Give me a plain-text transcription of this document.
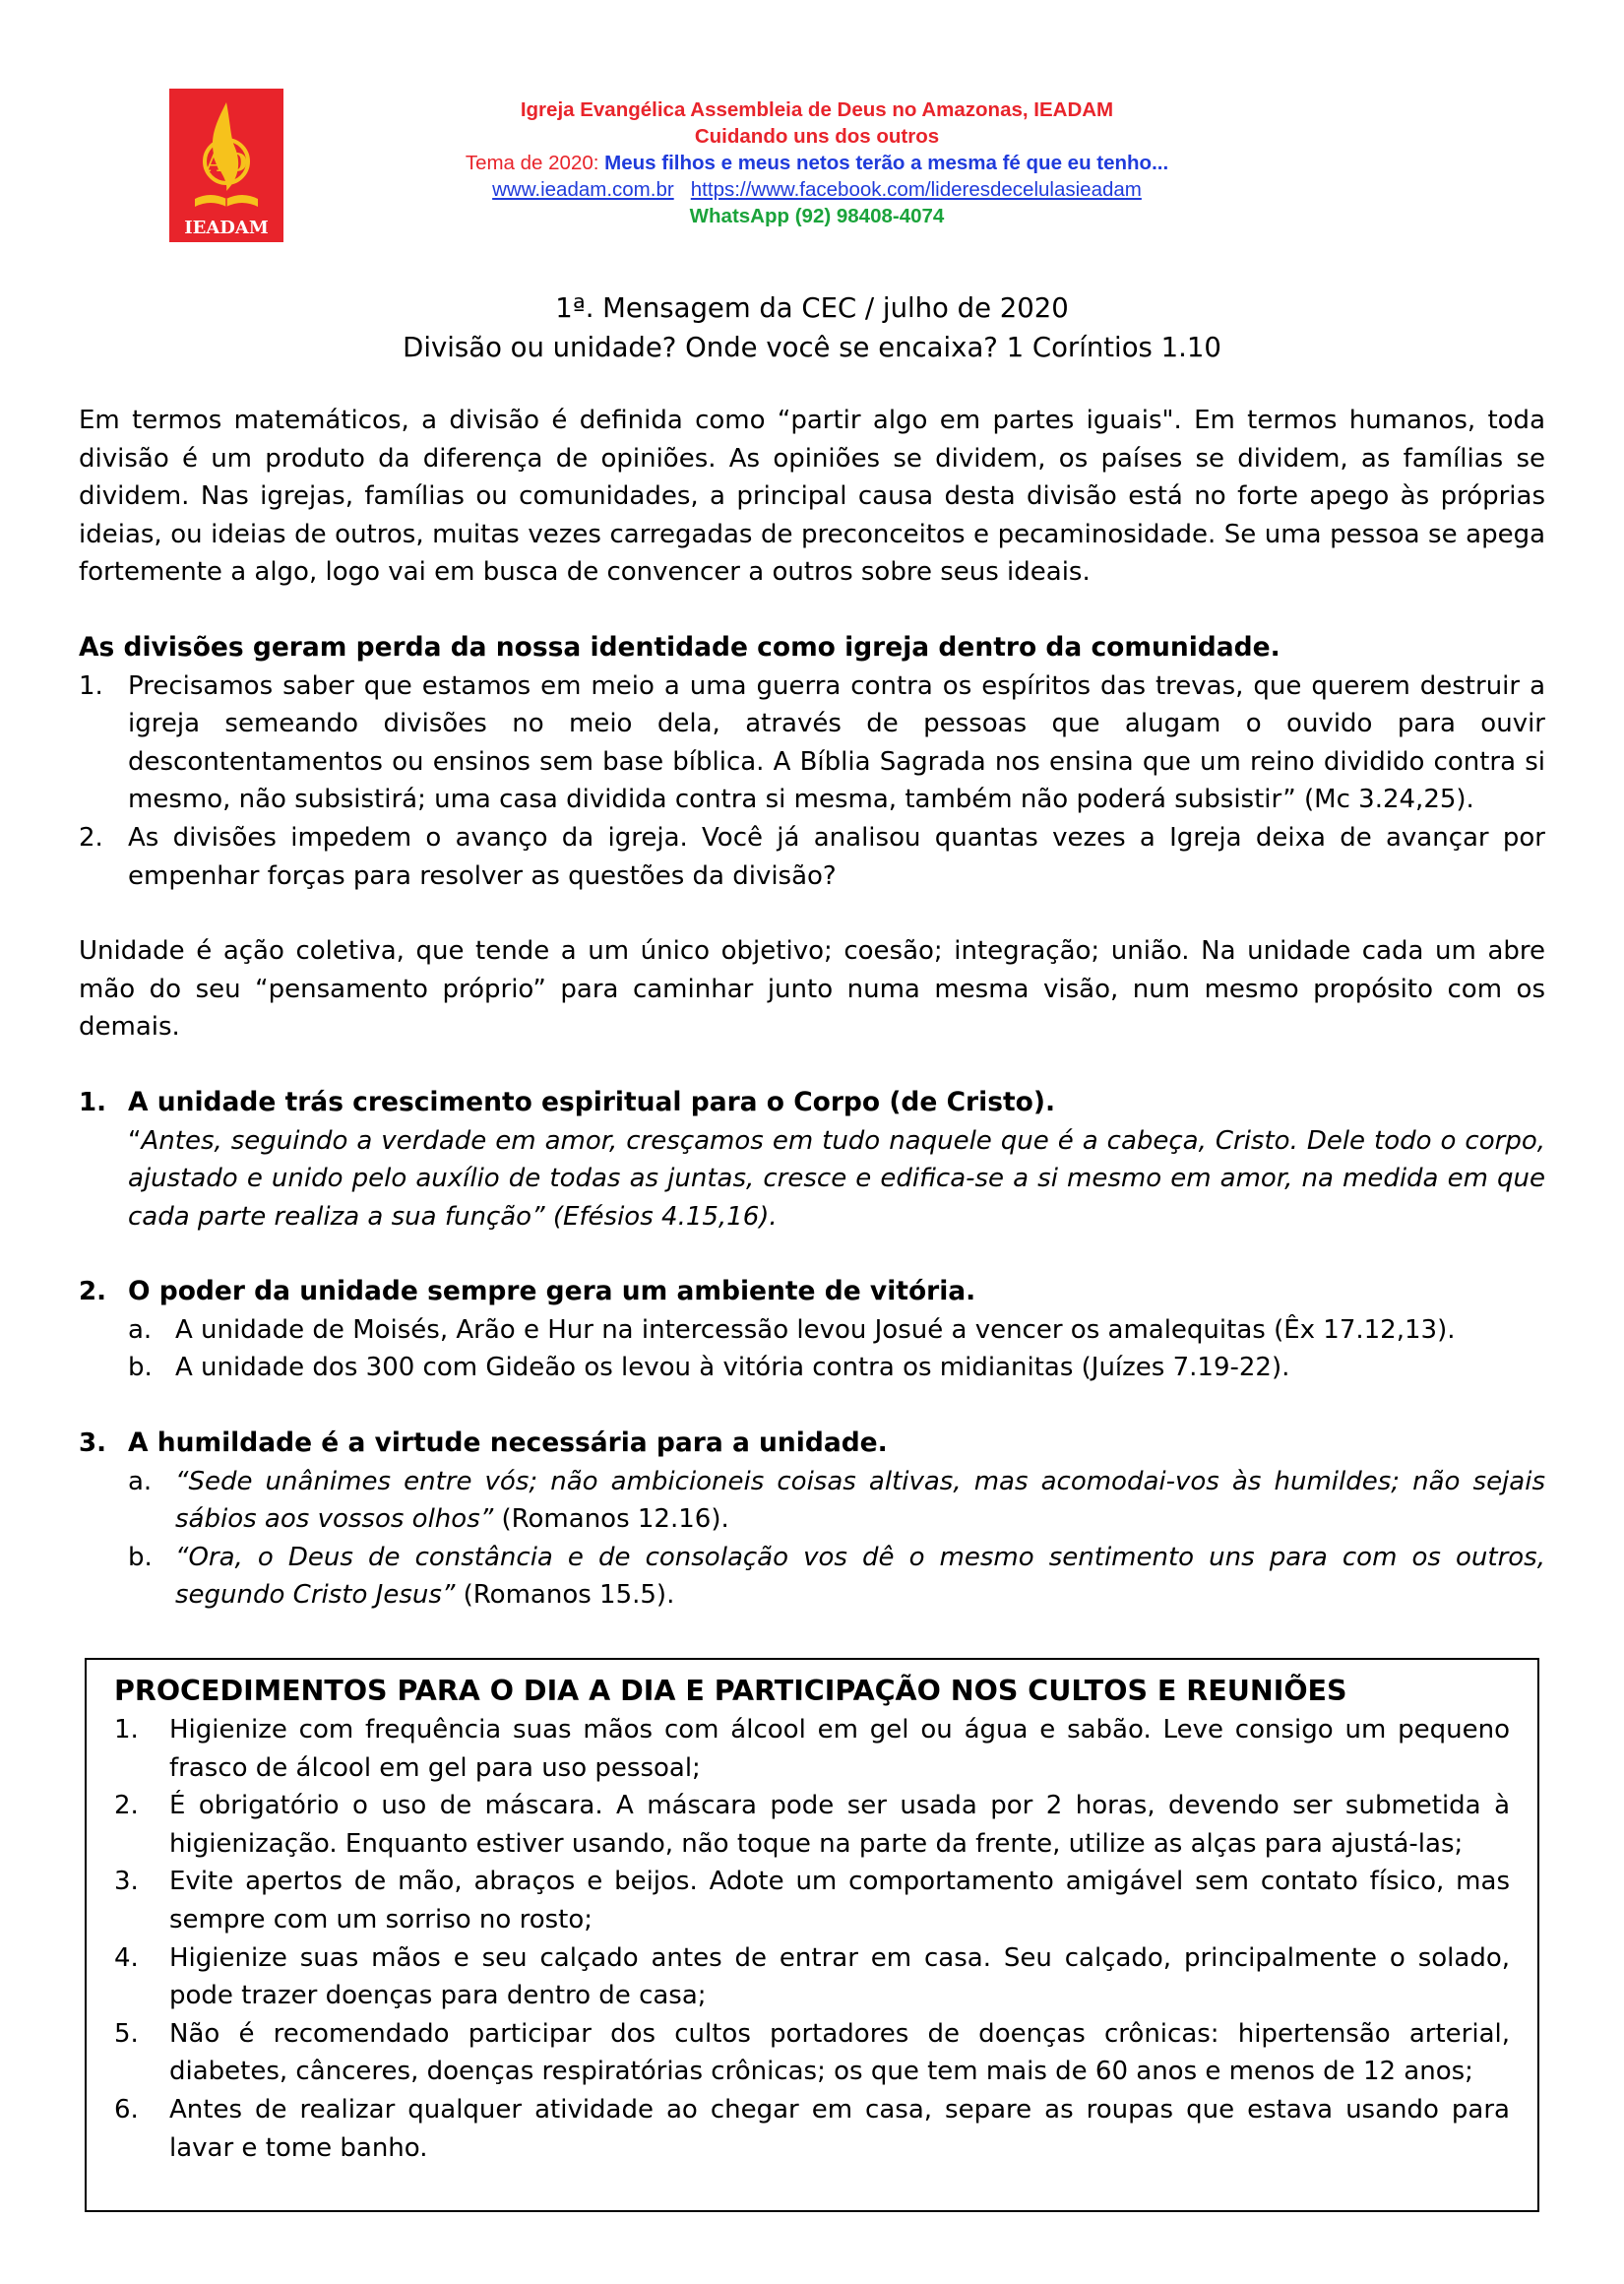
AD
IEADAM
Igreja Evangélica Assembleia de Deus no Amazonas, IEADAM
Cuidando uns dos outros
Tema de 2020: Meus filhos e meus netos terão a mesma fé que eu tenho...
www.ieadam.com.br https://www.facebook.com/lideresdecelulasieadam
WhatsApp (92) 98408-4074
1ª. Mensagem da CEC / julho de 2020
Divisão ou unidade? Onde você se encaixa? 1 Coríntios 1.10

Em termos matemáticos, a divisão é definida como “partir algo em partes iguais". Em termos humanos, toda divisão é um produto da diferença de opiniões. As opiniões se dividem, os países se dividem, as famílias se dividem. Nas igrejas, famílias ou comunidades, a principal causa desta divisão está no forte apego às próprias ideias, ou ideias de outros, muitas vezes carregadas de preconceitos e pecaminosidade. Se uma pessoa se apega fortemente a algo, logo vai em busca de convencer a outros sobre seus ideais.

As divisões geram perda da nossa identidade como igreja dentro da comunidade.

1. Precisamos saber que estamos em meio a uma guerra contra os espíritos das trevas, que querem destruir a igreja semeando divisões no meio dela, através de pessoas que alugam o ouvido para ouvir descontentamentos ou ensinos sem base bíblica. A Bíblia Sagrada nos ensina que um reino dividido contra si mesmo, não subsistirá; uma casa dividida contra si mesma, também não poderá subsistir” (Mc 3.24,25).
2. As divisões impedem o avanço da igreja. Você já analisou quantas vezes a Igreja deixa de avançar por empenhar forças para resolver as questões da divisão?

Unidade é ação coletiva, que tende a um único objetivo; coesão; integração; união. Na unidade cada um abre mão do seu “pensamento próprio” para caminhar junto numa mesma visão, num mesmo propósito com os demais.

1. A unidade trás crescimento espiritual para o Corpo (de Cristo).
“Antes, seguindo a verdade em amor, cresçamos em tudo naquele que é a cabeça, Cristo. Dele todo o corpo, ajustado e unido pelo auxílio de todas as juntas, cresce e edifica-se a si mesmo em amor, na medida em que cada parte realiza a sua função” (Efésios 4.15,16).
2. O poder da unidade sempre gera um ambiente de vitória.
a. A unidade de Moisés, Arão e Hur na intercessão levou Josué a vencer os amalequitas (Êx 17.12,13).
b. A unidade dos 300 com Gideão os levou à vitória contra os midianitas (Juízes 7.19-22).
3. A humildade é a virtude necessária para a unidade.
a. “Sede unânimes entre vós; não ambicioneis coisas altivas, mas acomodai-vos às humildes; não sejais sábios aos vossos olhos” (Romanos 12.16).
b. “Ora, o Deus de constância e de consolação vos dê o mesmo sentimento uns para com os outros, segundo Cristo Jesus” (Romanos 15.5).
PROCEDIMENTOS PARA O DIA A DIA E PARTICIPAÇÃO NOS CULTOS E REUNIÕES
1. Higienize com frequência suas mãos com álcool em gel ou água e sabão. Leve consigo um pequeno frasco de álcool em gel para uso pessoal;
2. É obrigatório o uso de máscara. A máscara pode ser usada por 2 horas, devendo ser submetida à higienização. Enquanto estiver usando, não toque na parte da frente, utilize as alças para ajustá-las;
3. Evite apertos de mão, abraços e beijos. Adote um comportamento amigável sem contato físico, mas sempre com um sorriso no rosto;
4. Higienize suas mãos e seu calçado antes de entrar em casa. Seu calçado, principalmente o solado, pode trazer doenças para dentro de casa;
5. Não é recomendado participar dos cultos portadores de doenças crônicas: hipertensão arterial, diabetes, cânceres, doenças respiratórias crônicas; os que tem mais de 60 anos e menos de 12 anos;
6. Antes de realizar qualquer atividade ao chegar em casa, separe as roupas que estava usando para lavar e tome banho.
